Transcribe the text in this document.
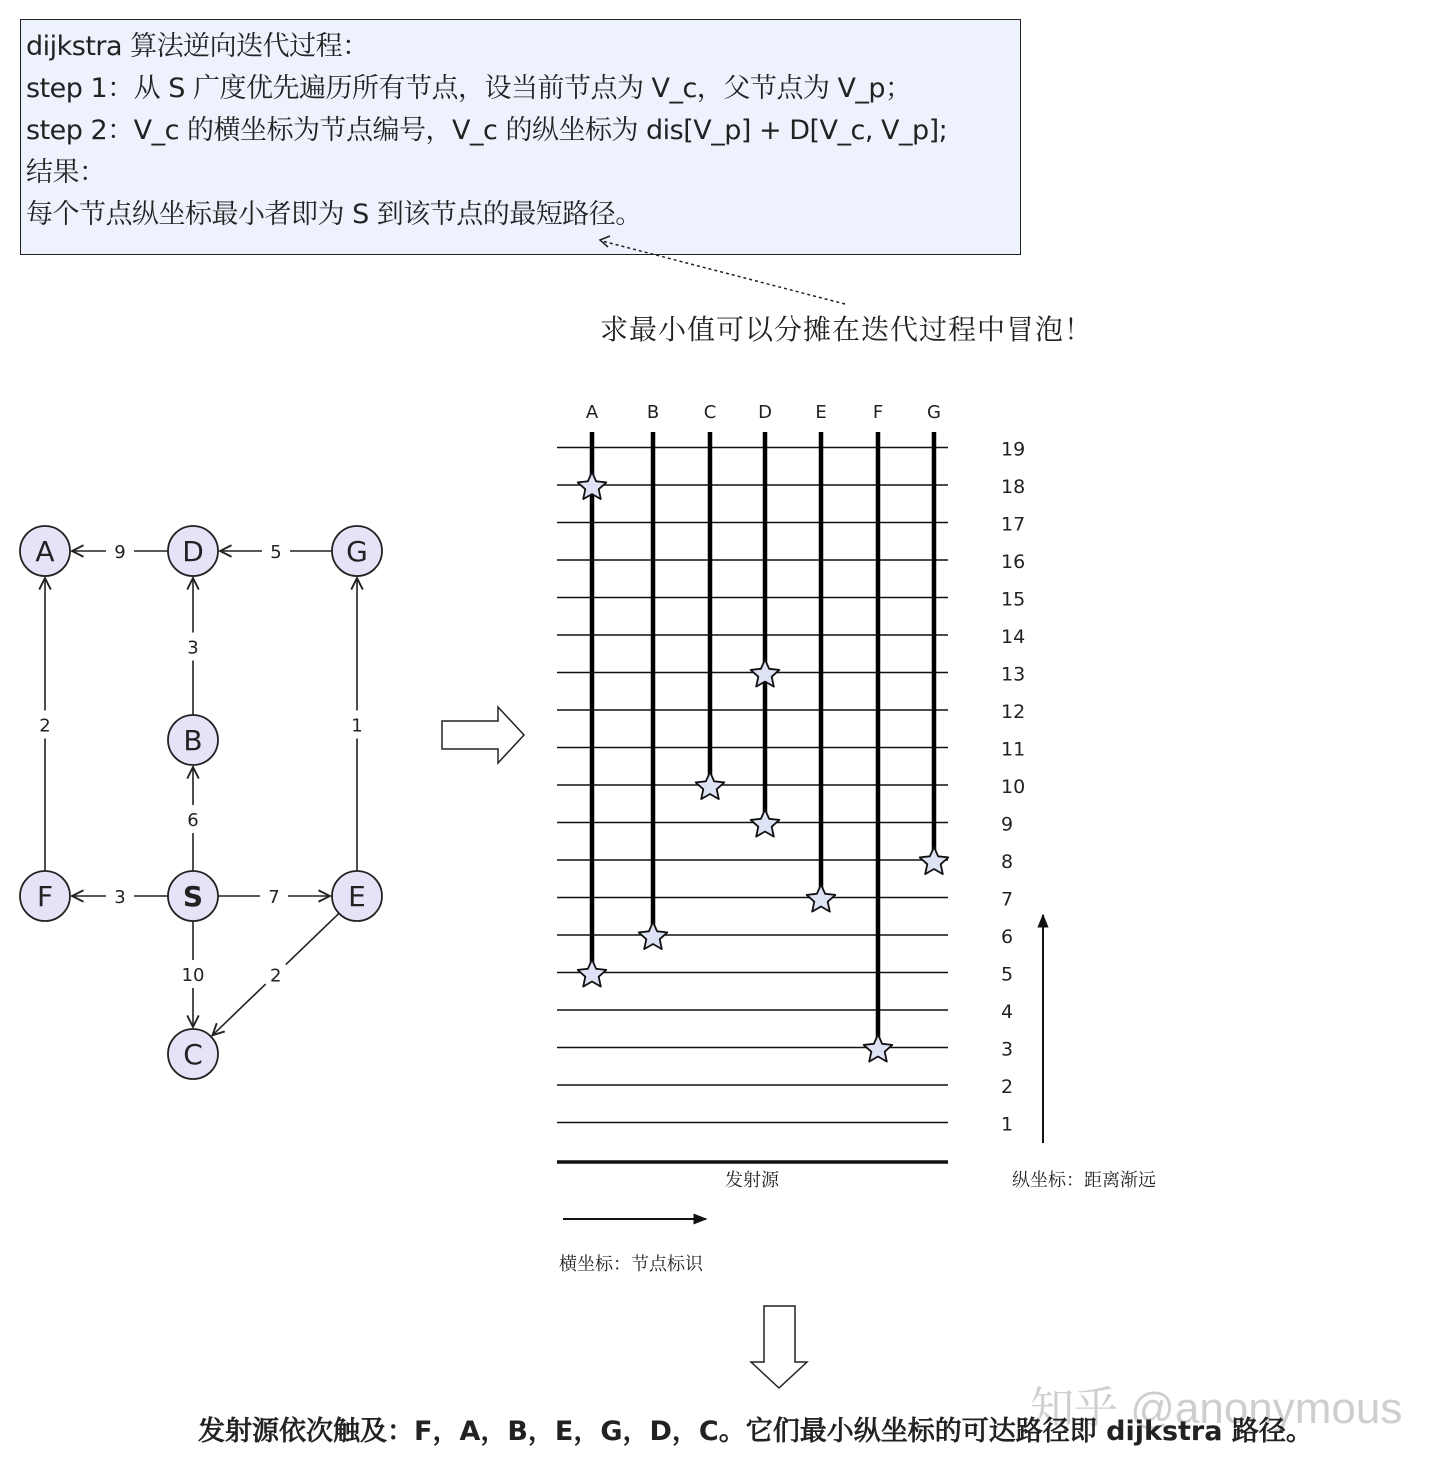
dijkstra 算法逆向迭代过程：
step 1：从 S 广度优先遍历所有节点，设当前节点为 V_c，父节点为 V_p；
step 2：V_c 的横坐标为节点编号，V_c 的纵坐标为 dis[V_p] + D[V_c, V_p];
结果：
每个节点纵坐标最小者即为 S 到该节点的最短路径。
求最小值可以分摊在迭代过程中冒泡！
9	5
3
2	1
6
3	7
10	2
A	D	G
B
F	S	E
C
1
2
3
4
5
6
7
8
9
10
11
12
13
14
15
16
17
18
19
A	B C D E	F G
发射源	纵坐标：距离渐远
横坐标：节点标识
知乎 @anonymous
发射源依次触及：F，A，B，E，G，D，C。它们最小纵坐标的可达路径即 dijkstra 路径。
